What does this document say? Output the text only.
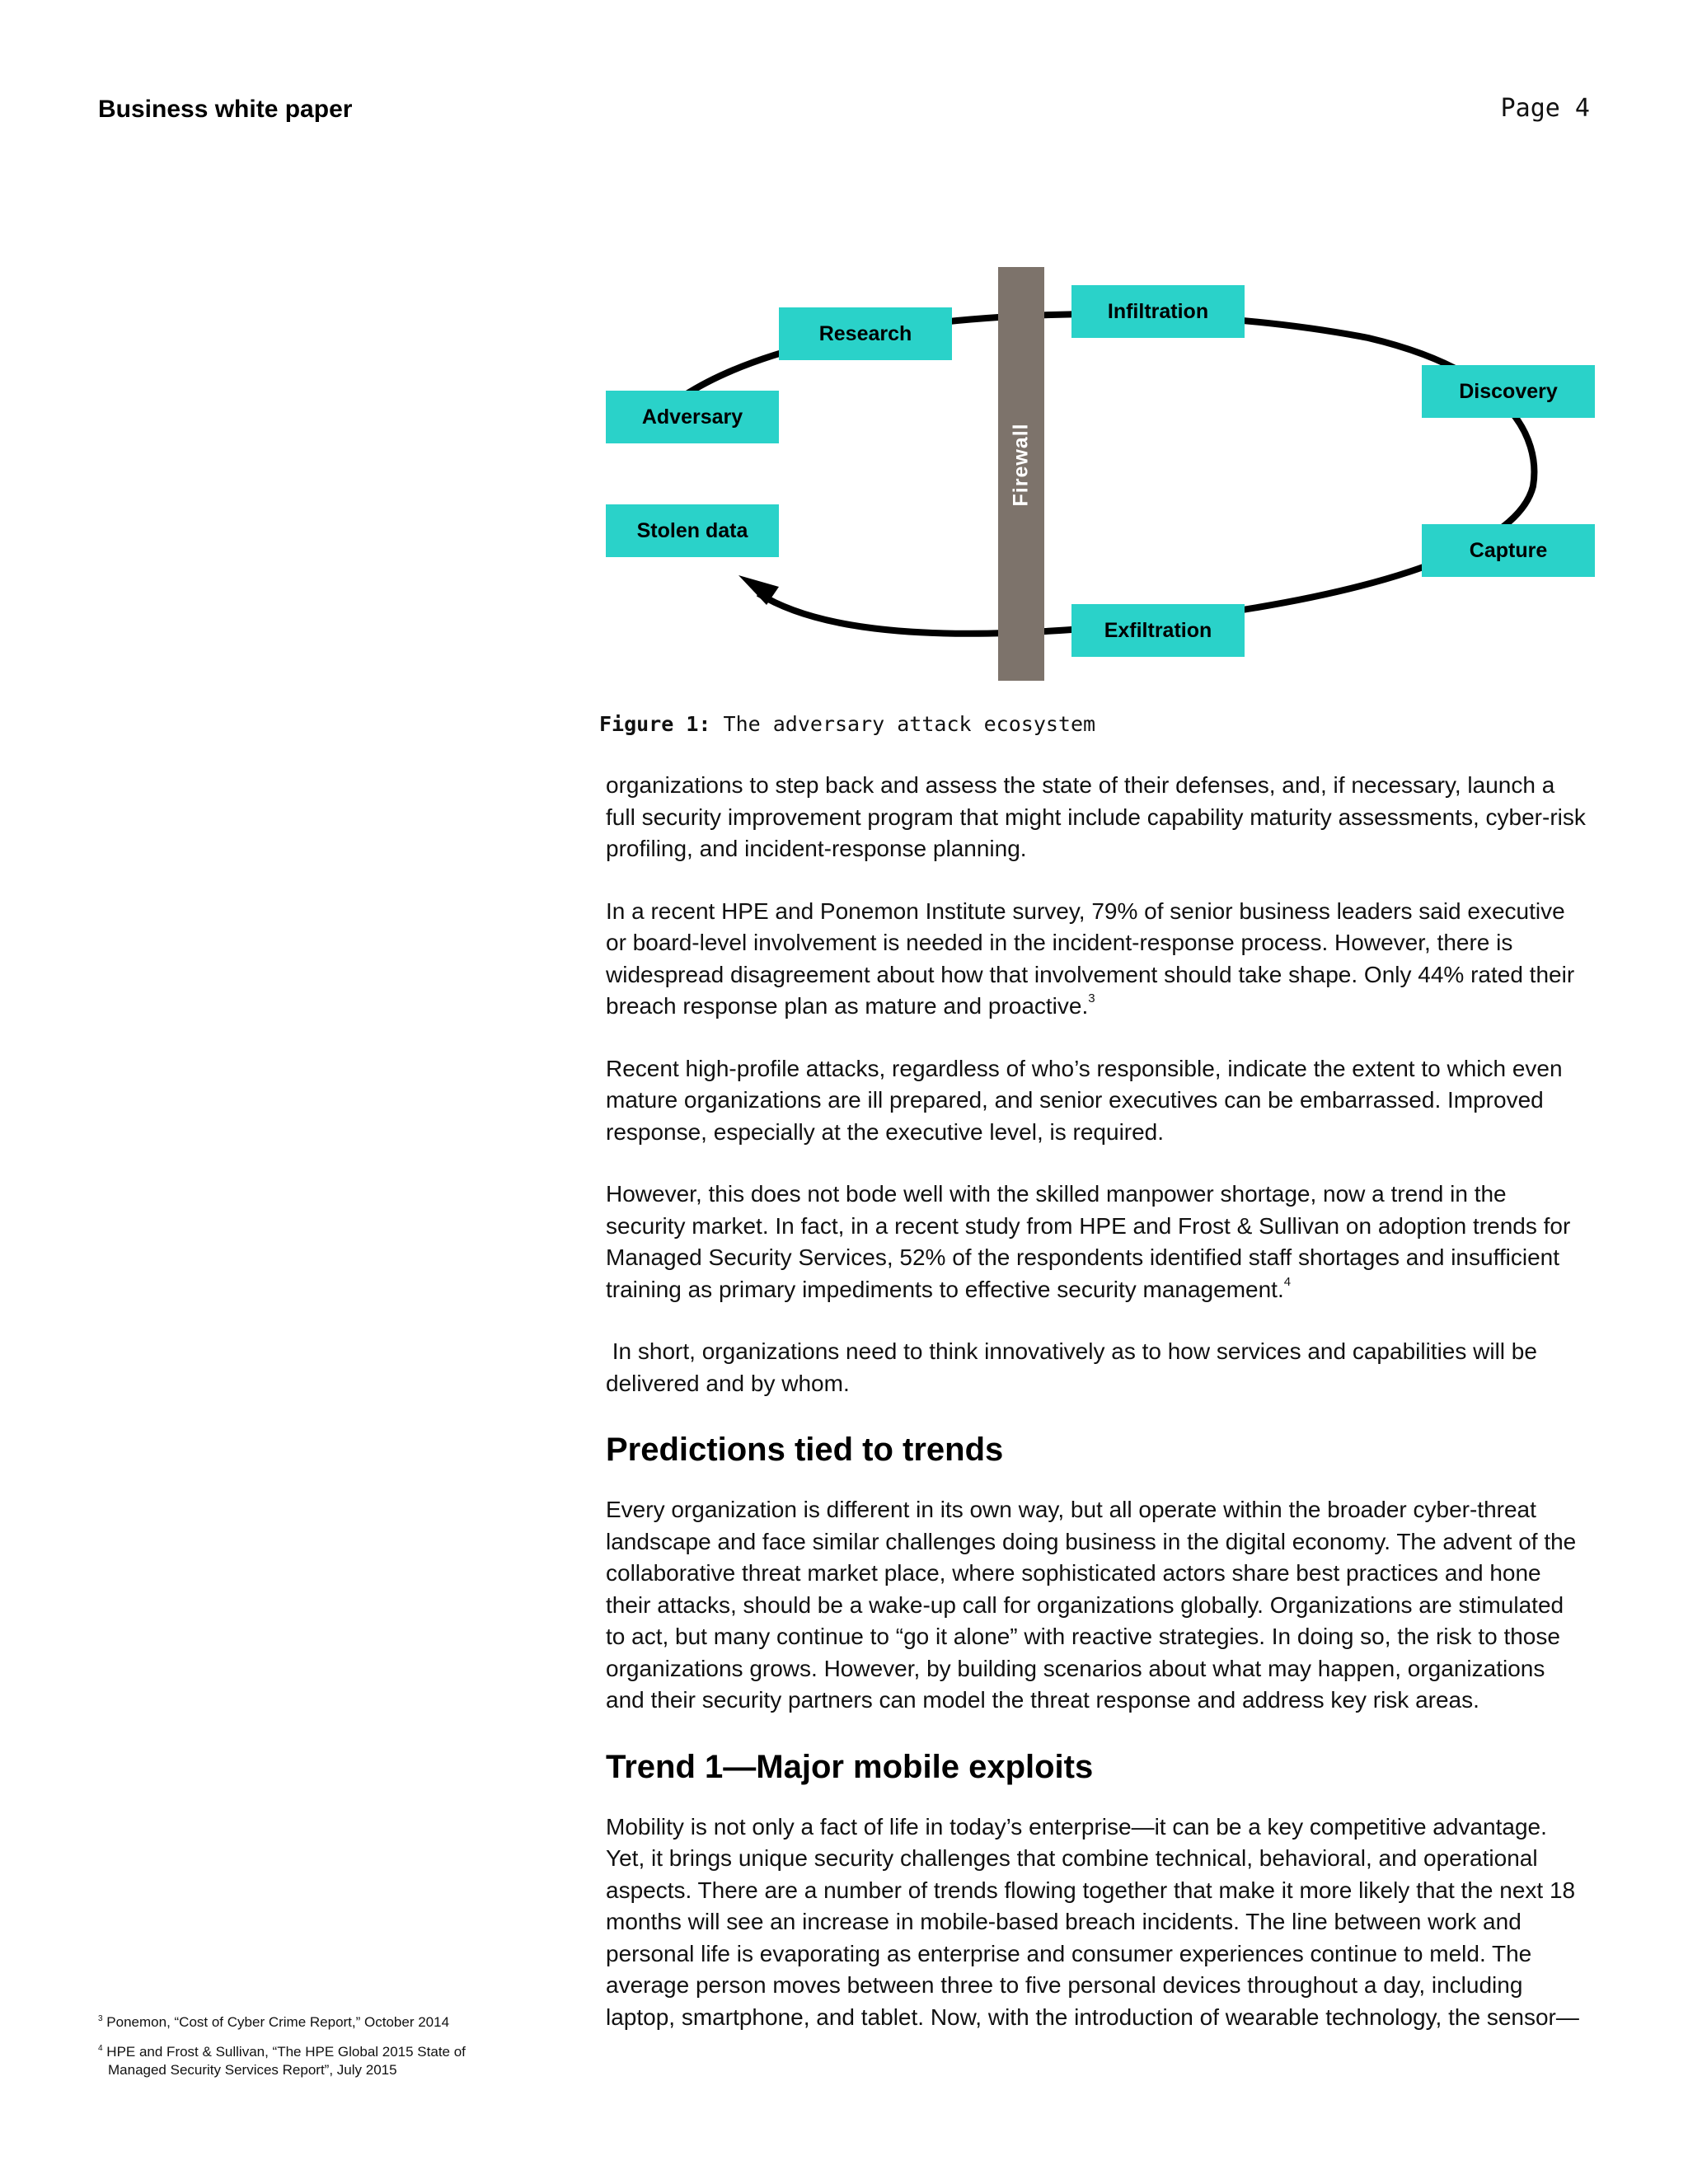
Business white paper	Page 4
Firewall
Research
Infiltration
Discovery
Adversary
Stolen data
Capture
Exfiltration
Figure 1: The adversary attack ecosystem

organizations to step back and assess the state of their defenses, and, if necessary, launch a full security improvement program that might include capability maturity assessments, cyber-risk profiling, and incident-response planning.

In a recent HPE and Ponemon Institute survey, 79% of senior business leaders said executive or board-level involvement is needed in the incident-response process. However, there is widespread disagreement about how that involvement should take shape. Only 44% rated their breach response plan as mature and proactive.$^3$

Recent high-profile attacks, regardless of who’s responsible, indicate the extent to which even mature organizations are ill prepared, and senior executives can be embarrassed. Improved response, especially at the executive level, is required.

However, this does not bode well with the skilled manpower shortage, now a trend in the security market. In fact, in a recent study from HPE and Frost & Sullivan on adoption trends for Managed Security Services, 52% of the respondents identified staff shortages and insufficient training as primary impediments to effective security management.$^4$

In short, organizations need to think innovatively as to how services and capabilities will be delivered and by whom.

Predictions tied to trends

Every organization is different in its own way, but all operate within the broader cyber-threat landscape and face similar challenges doing business in the digital economy. The advent of the collaborative threat market place, where sophisticated actors share best practices and hone their attacks, should be a wake-up call for organizations globally. Organizations are stimulated to act, but many continue to “go it alone” with reactive strategies. In doing so, the risk to those organizations grows. However, by building scenarios about what may happen, organizations and their security partners can model the threat response and address key risk areas.

Trend 1—Major mobile exploits

Mobility is not only a fact of life in today’s enterprise—it can be a key competitive advantage. Yet, it brings unique security challenges that combine technical, behavioral, and operational aspects. There are a number of trends flowing together that make it more likely that the next 18 months will see an increase in mobile-based breach incidents. The line between work and personal life is evaporating as enterprise and consumer experiences continue to meld. The average person moves between three to five personal devices throughout a day, including laptop, smartphone, and tablet. Now, with the introduction of wearable technology, the sensor—

$^3$ Ponemon, “Cost of Cyber Crime Report,” October 2014
$^4$ HPE and Frost & Sullivan, “The HPE Global 2015 State of Managed Security Services Report”, July 2015
